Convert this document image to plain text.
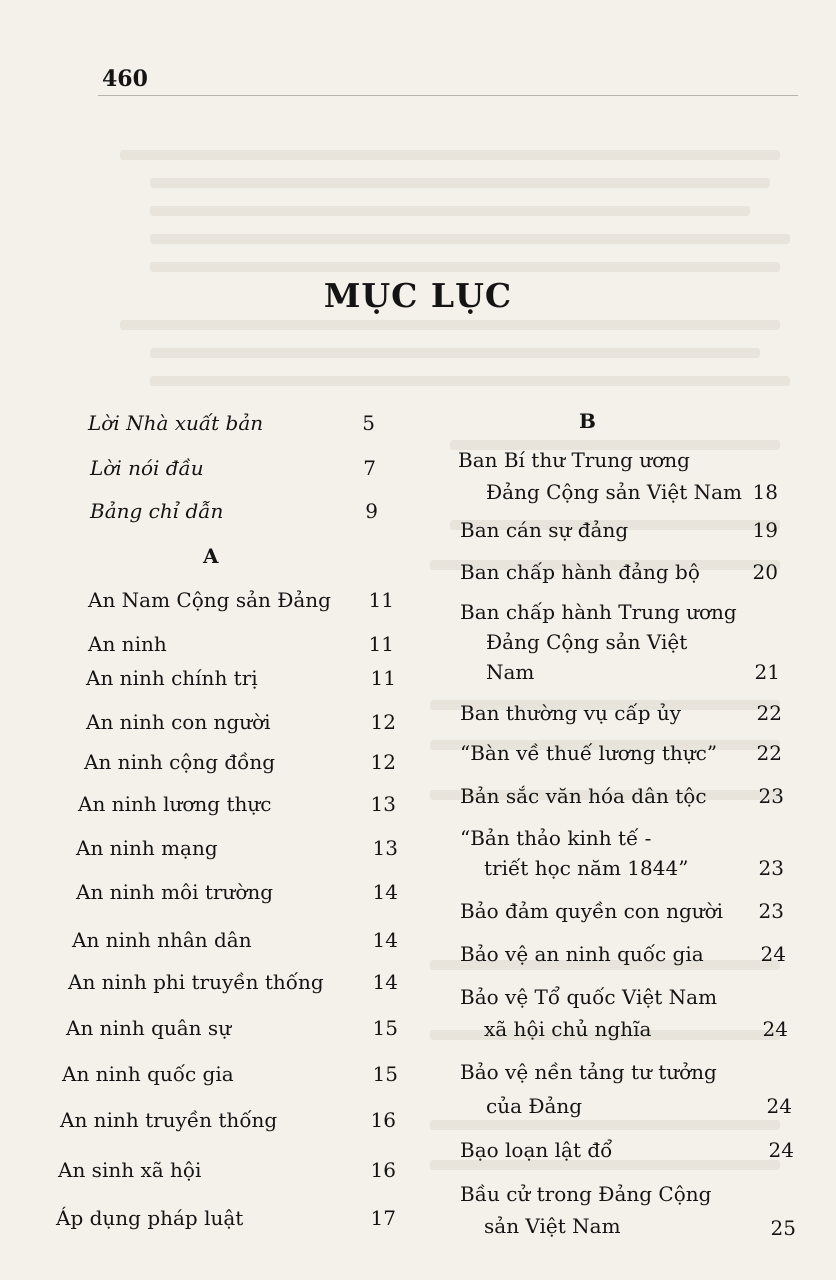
460
MỤC LỤC
Lời Nhà xuất bản	5
Lời nói đầu	7
Bảng chỉ dẫn	9
A
An Nam Cộng sản Đảng	11
An ninh	11
An ninh chính trị	11
An ninh con người	12
An ninh cộng đồng	12
An ninh lương thực	13
An ninh mạng	13
An ninh môi trường	14
An ninh nhân dân	14
An ninh phi truyền thống	14
An ninh quân sự	15
An ninh quốc gia	15
An ninh truyền thống	16
An sinh xã hội	16
Áp dụng pháp luật	17
B
Ban Bí thư Trung ương
Đảng Cộng sản Việt Nam 18
Ban cán sự đảng	19
Ban chấp hành đảng bộ	20
Ban chấp hành Trung ương
Đảng Cộng sản Việt
Nam	21
Ban thường vụ cấp ủy	22
“Bàn về thuế lương thực”	22
Bản sắc văn hóa dân tộc	23
“Bản thảo kinh tế -
triết học năm 1844”	23
Bảo đảm quyền con người	23
Bảo vệ an ninh quốc gia	24
Bảo vệ Tổ quốc Việt Nam
xã hội chủ nghĩa	24
Bảo vệ nền tảng tư tưởng
của Đảng	24
Bạo loạn lật đổ	24
Bầu cử trong Đảng Cộng
sản Việt Nam	25
